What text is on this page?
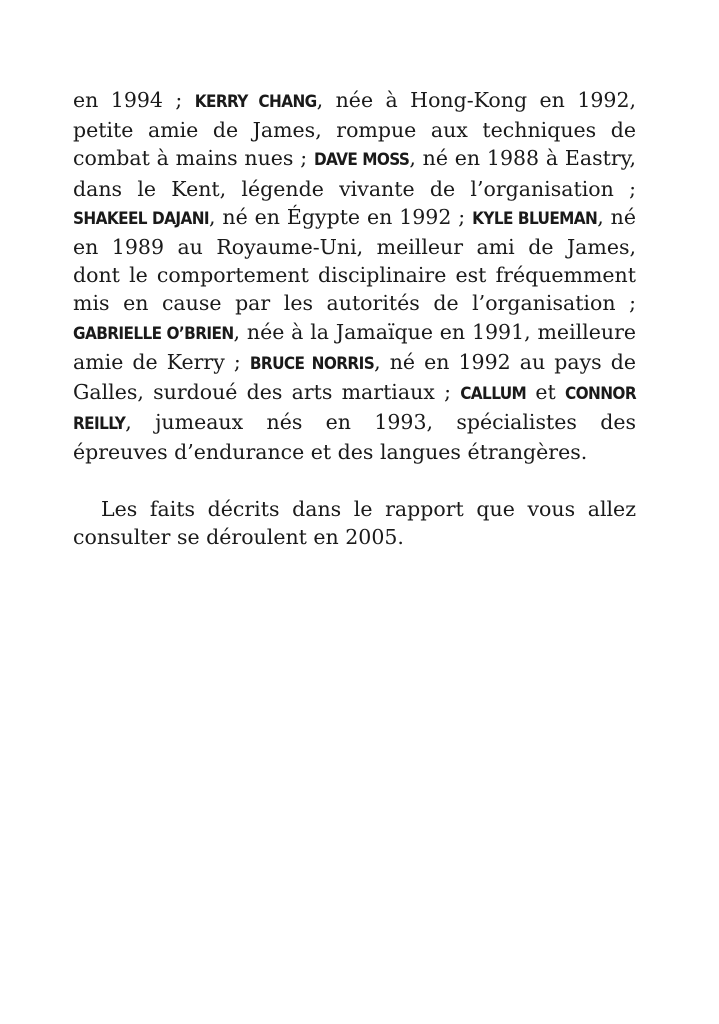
en 1994 ; KERRY CHANG, née à Hong-Kong en 1992, petite amie de James, rompue aux techniques de combat à mains nues ; DAVE MOSS, né en 1988 à Eastry, dans le Kent, légende vivante de l’organisation ; SHAKEEL DAJANI, né en Égypte en 1992 ; KYLE BLUEMAN, né en 1989 au Royaume-Uni, meilleur ami de James, dont le comportement disciplinaire est fréquemment mis en cause par les autorités de l’organisation ; GABRIELLE O’BRIEN, née à la Jamaïque en 1991, meilleure amie de Kerry ; BRUCE NORRIS, né en 1992 au pays de Galles, surdoué des arts martiaux ; CALLUM et CONNOR REILLY, jumeaux nés en 1993, spécialistes des épreuves d’endurance et des langues étrangères.

Les faits décrits dans le rapport que vous allez consulter se déroulent en 2005.
